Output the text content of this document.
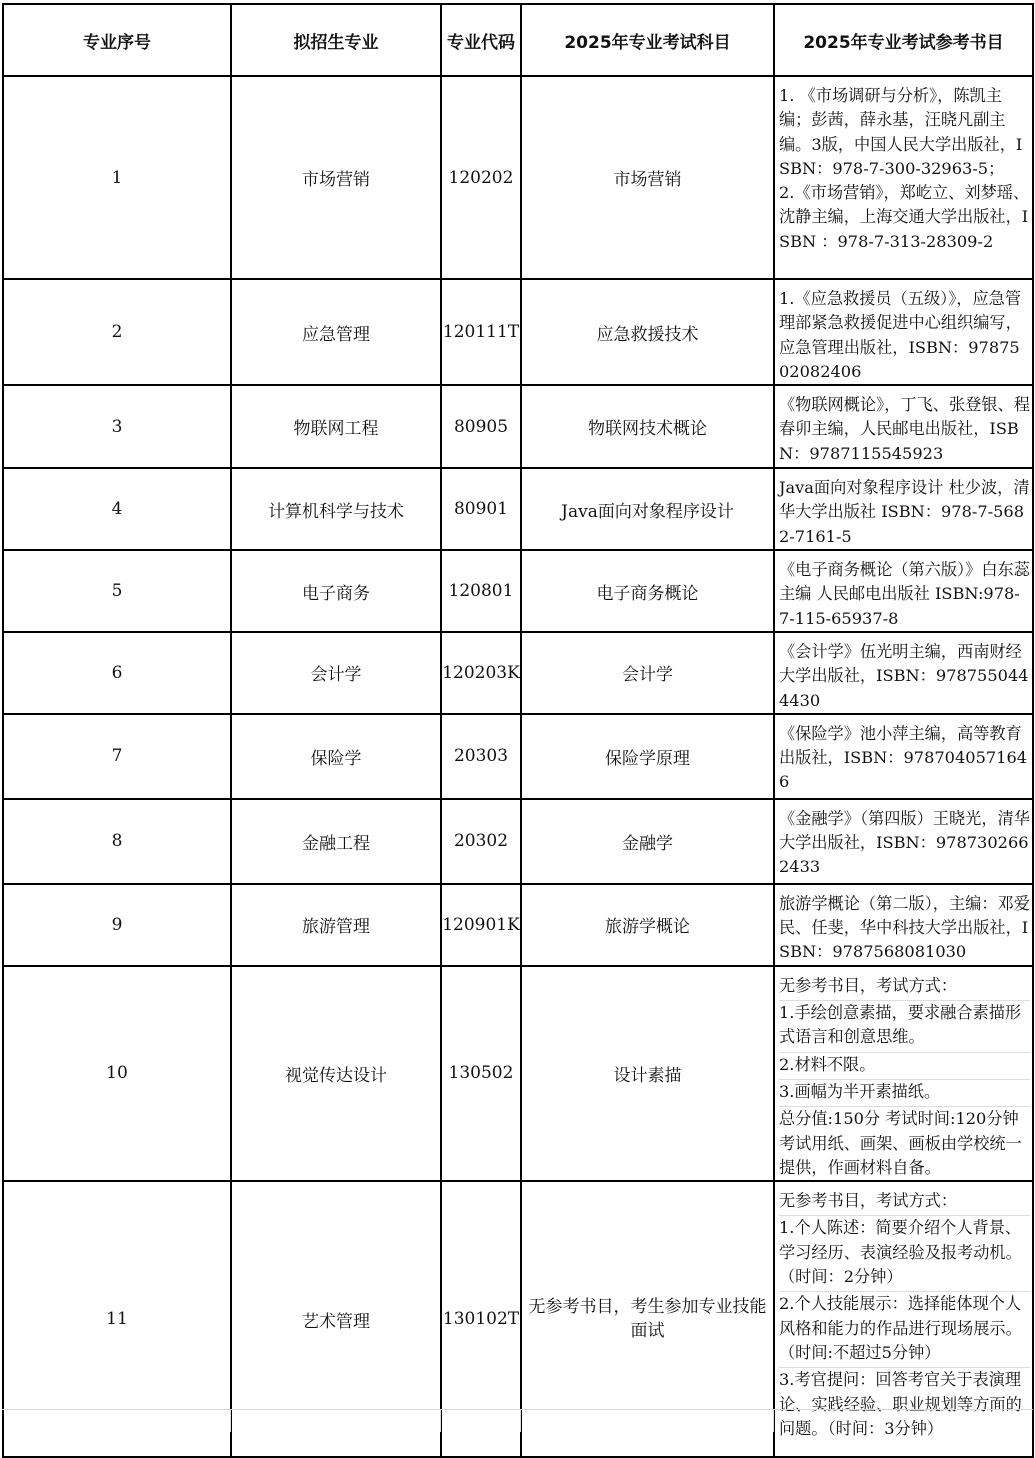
专业序号	拟招生专业	专业代码	2025年专业考试科目	2025年专业考试参考书目
1	市场营销	120202	市场营销	1. 《市场调研与分析》，陈凯主编；彭茜，薛永基，汪晓凡副主编。3版，中国人民大学出版社，ISBN：978-7-300-32963-5；
2.《市场营销》，郑屹立、刘梦瑶、沈静主编，上海交通大学出版社，ISBN ：978-7-313-28309-2

2	应急管理	120111T	应急救援技术	1.《应急救援员（五级）》，应急管理部紧急救援促进中心组织编写，应急管理出版社，ISBN：9787502082406

3	物联网工程	80905	物联网技术概论	《物联网概论》，丁飞、张登银、程春卯主编，人民邮电出版社，ISBN：9787115545923

4	计算机科学与技术	80901	Java面向对象程序设计	Java面向对象程序设计 杜少波，清华大学出版社 ISBN：978-7-5682-7161-5

5	电子商务	120801	电子商务概论	《电子商务概论（第六版）》白东蕊主编 人民邮电出版社 ISBN:978-7-115-65937-8

6	会计学	120203K	会计学	《会计学》伍光明主编，西南财经大学出版社，ISBN：9787550444430

7	保险学	20303	保险学原理	《保险学》池小萍主编，高等教育出版社，ISBN：9787040571646

8	金融工程	20302	金融学	《金融学》（第四版）王晓光，清华大学出版社，ISBN：9787302662433

9	旅游管理	120901K	旅游学概论	旅游学概论（第二版），主编：邓爱民、任斐，华中科技大学出版社，ISBN：9787568081030

10	视觉传达设计	130502	设计素描	无参考书目，考试方式：
1.手绘创意素描，要求融合素描形式语言和创意思维。
2.材料不限。
3.画幅为半开素描纸。
总分值:150分 考试时间:120分钟 考试用纸、画架、画板由学校统一提供，作画材料自备。

11	艺术管理	130102T	无参考书目，考生参加专业技能面试	无参考书目，考试方式：
1.个人陈述：简要介绍个人背景、学习经历、表演经验及报考动机。（时间：2分钟）
2.个人技能展示：选择能体现个人风格和能力的作品进行现场展示。（时间:不超过5分钟）
3.考官提问：回答考官关于表演理论、实践经验、职业规划等方面的问题。（时间：3分钟）
